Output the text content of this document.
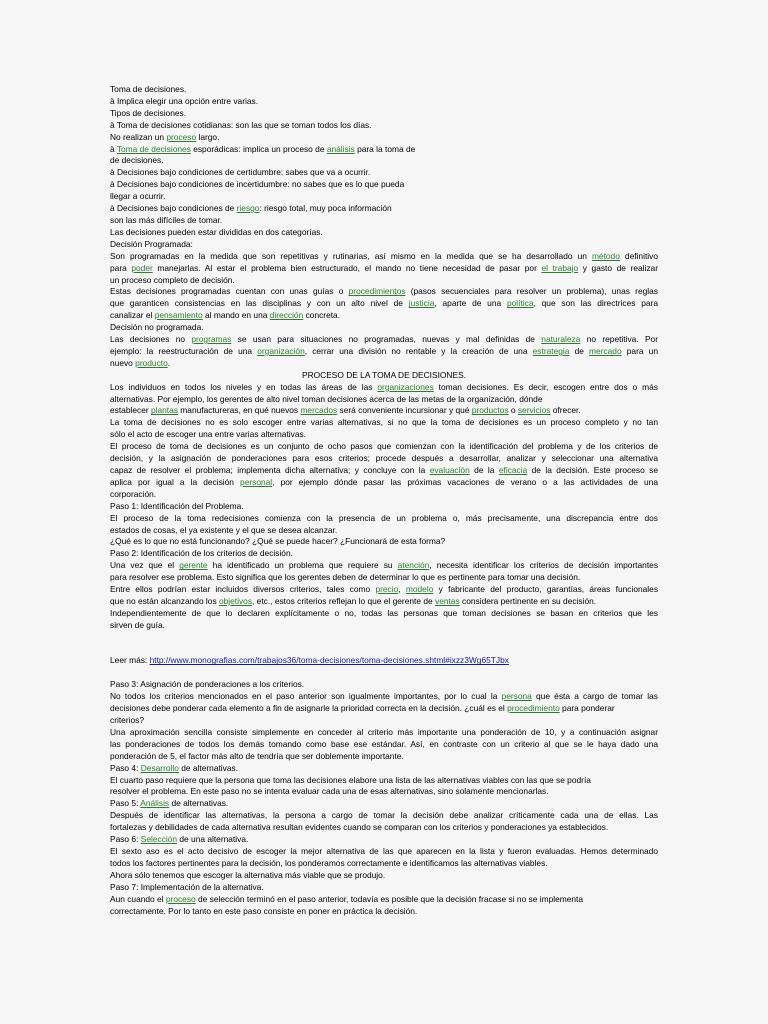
Toma de decisiones.
à Implica elegir una opción entre varias.
Tipos de decisiones.
à Toma de decisiones cotidianas: son las que se toman todos los días.
No realizan un proceso largo.
à Toma de decisiones esporádicas: implica un proceso de análisis para la toma de
de decisiones.
à Decisiones bajo condiciones de certidumbre: sabes que va a ocurrir.
à Decisiones bajo condiciones de incertidumbre: no sabes que es lo que pueda
llegar a ocurrir.
à Decisiones bajo condiciones de riesgo: riesgo total, muy poca información
son las más difíciles de tomar.
Las decisiones pueden estar divididas en dos categorías.
Decisión Programada:
Son programadas en la medida que son repetitivas y rutinarias, así mismo en la medida que se ha desarrollado un método definitivo
para poder manejarlas. Al estar el problema bien estructurado, el mando no tiene necesidad de pasar por el trabajo y gasto de realizar
un proceso completo de decisión.
Estas decisiones programadas cuentan con unas guías o procedimientos (pasos secuenciales para resolver un problema), unas reglas
que garanticen consistencias en las disciplinas y con un alto nivel de justicia, aparte de una política, que son las directrices para
canalizar el pensamiento al mando en una dirección concreta.
Decisión no programada.
Las decisiones no programas se usan para situaciones no programadas, nuevas y mal definidas de naturaleza no repetitiva. Por
ejemplo: la reestructuración de una organización, cerrar una división no rentable y la creación de una estrategia de mercado para un
nuevo producto.
PROCESO DE LA TOMA DE DECISIONES.
Los individuos en todos los niveles y en todas las áreas de las organizaciones toman decisiones. Es decir, escogen entre dos o más
alternativas. Por ejemplo, los gerentes de alto nivel toman decisiones acerca de las metas de la organización, dónde
establecer plantas manufactureras, en qué nuevos mercados será conveniente incursionar y qué productos o servicios ofrecer.
La toma de decisiones no es solo escoger entre varias alternativas, si no que la toma de decisiones es un proceso completo y no tan
sólo el acto de escoger una entre varias alternativas.
El proceso de toma de decisiones es un conjunto de ocho pasos que comienzan con la identificación del problema y de los criterios de
decisión, y la asignación de ponderaciones para esos criterios; procede después a desarrollar, analizar y seleccionar una alternativa
capaz de resolver el problema; implementa dicha alternativa; y concluye con la evaluación de la eficacia de la decisión. Este proceso se
aplica por igual a la decisión personal, por ejemplo dónde pasar las próximas vacaciones de verano o a las actividades de una
corporación.
Paso 1: Identificación del Problema.
El proceso de la toma redecisiones comienza con la presencia de un problema o, más precisamente, una discrepancia entre dos
estados de cosas, el ya existente y el que se desea alcanzar.
¿Qué es lo que no está funcionando? ¿Qué se puede hacer? ¿Funcionará de esta forma?
Paso 2: Identificación de los criterios de decisión.
Una vez que el gerente ha identificado un problema que requiere su atención, necesita identificar los criterios de decisión importantes
para resolver ese problema. Esto significa que los gerentes deben de determinar lo que es pertinente para tomar una decisión.
Entre ellos podrían estar incluidos diversos criterios, tales como precio, modelo y fabricante del producto, garantías, áreas funcionales
que no están alcanzando los objetivos, etc., estos criterios reflejan lo que el gerente de ventas considera pertinente en su decisión.
Independientemente de que lo declaren explícitamente o no, todas las personas que toman decisiones se basan en criterios que les
sirven de guía.
Leer más: http://www.monografias.com/trabajos36/toma-decisiones/toma-decisiones.shtml#ixzz3Wg65TJbx
Paso 3: Asignación de ponderaciones a los criterios.
No todos los criterios mencionados en el paso anterior son igualmente importantes, por lo cual la persona que ésta a cargo de tomar las
decisiones debe ponderar cada elemento a fin de asignarle la prioridad correcta en la decisión. ¿cuál es el procedimiento para ponderar
criterios?
Una aproximación sencilla consiste simplemente en conceder al criterio más importante una ponderación de 10, y a continuación asignar
las ponderaciones de todos los demás tomando como base ese estándar. Así, en contraste con un criterio al que se le haya dado una
ponderación de 5, el factor más alto de tendría que ser doblemente importante.
Paso 4: Desarrollo de alternativas.
El cuarto paso requiere que la persona que toma las decisiones elabore una lista de las alternativas viables con las que se podría
resolver el problema. En este paso no se intenta evaluar cada una de esas alternativas, sino solamente mencionarlas.
Paso 5: Análisis de alternativas.
Después de identificar las alternativas, la persona a cargo de tomar la decisión debe analizar críticamente cada una de ellas. Las
fortalezas y debilidades de cada alternativa resultan evidentes cuando se comparan con los criterios y ponderaciones ya establecidos.
Paso 6: Selección de una alternativa.
El sexto aso es el acto decisivo de escoger la mejor alternativa de las que aparecen en la lista y fueron evaluadas. Hemos determinado
todos los factores pertinentes para la decisión, los ponderamos correctamente e identificamos las alternativas viables.
Ahora sólo tenemos que escoger la alternativa más viable que se produjo.
Paso 7: Implementación de la alternativa.
Aun cuando el proceso de selección terminó en el paso anterior, todavía es posible que la decisión fracase si no se implementa
correctamente. Por lo tanto en este paso consiste en poner en práctica la decisión.
